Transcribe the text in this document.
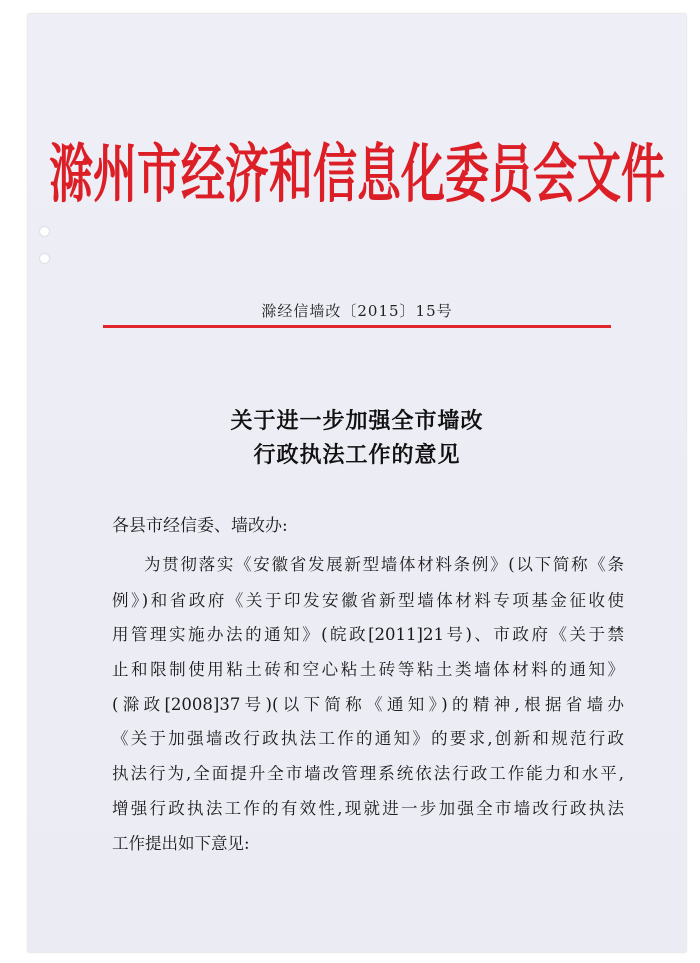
滁州市经济和信息化委员会文件
滁经信墙改〔2015〕15号
关于进一步加强全市墙改
行政执法工作的意见
各县市经信委、墙改办:
为贯彻落实《安徽省发展新型墙体材料条例》(以下简称《条
例》)和省政府《关于印发安徽省新型墙体材料专项基金征收使
用管理实施办法的通知》(皖政[2011]21号)、市政府《关于禁
止和限制使用粘土砖和空心粘土砖等粘土类墙体材料的通知》
(滁政[2008]37号)(以下简称《通知》)的精神,根据省墙办
《关于加强墙改行政执法工作的通知》的要求,创新和规范行政
执法行为,全面提升全市墙改管理系统依法行政工作能力和水平,
增强行政执法工作的有效性,现就进一步加强全市墙改行政执法
工作提出如下意见:
